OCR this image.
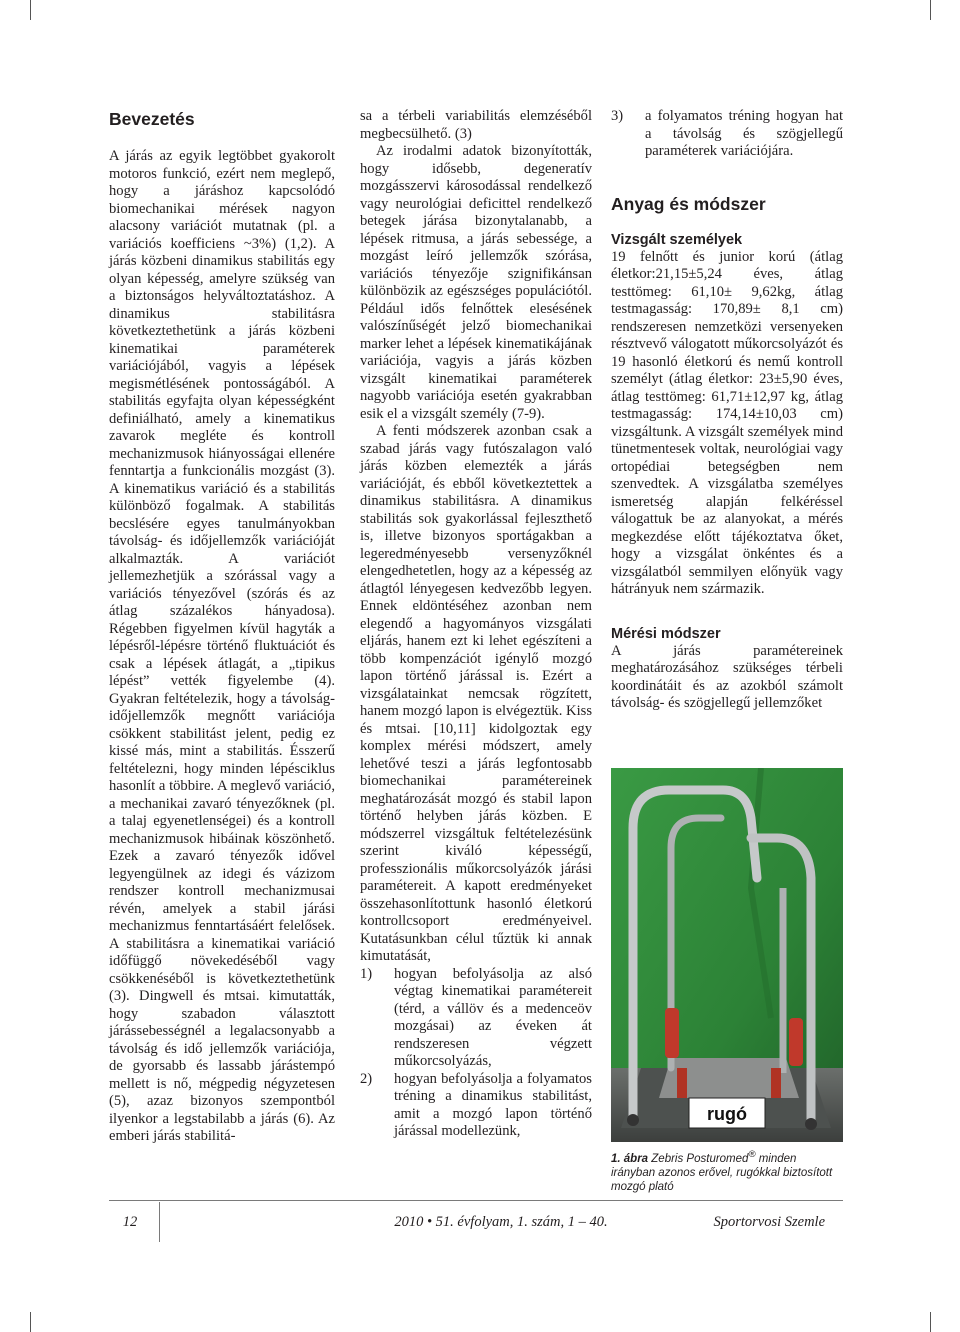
Bevezetés

A járás az egyik legtöbbet gyakorolt motoros funkció, ezért nem meglepő, hogy a járáshoz kapcsolódó biomechanikai mérések nagyon alacsony variációt mutatnak (pl. a variációs koefficiens ~3%) (1,2). A járás közbeni dinamikus stabilitás egy olyan képesség, amelyre szükség van a biztonságos helyváltoztatáshoz. A dinamikus stabilitásra következtethetünk a járás közbeni kinematikai paraméterek variációjából, vagyis a lépések megismétlésének pontosságából. A stabilitás egyfajta olyan képességként definiálható, amely a kinematikus zavarok megléte és kontroll mechanizmusok hiányosságai ellenére fenntartja a funkcionális mozgást (3). A kinematikus variáció és a stabilitás különböző fogalmak. A stabilitás becslésére egyes tanulmányokban távolság- és időjellemzők variációját alkalmazták. A variációt jellemezhetjük a szórással vagy a variációs tényezővel (szórás és az átlag százalékos hányadosa). Régebben figyelmen kívül hagyták a lépésről-lépésre történő fluktuációt és csak a lépések átlagát, a „tipikus lépést” vették figyelembe (4). Gyakran feltételezik, hogy a távolság- időjellemzők megnőtt variációja csökkent stabilitást jelent, pedig ez kissé más, mint a stabilitás. Ésszerű feltételezni, hogy minden lépésciklus hasonlít a többire. A meglevő variáció, a mechanikai zavaró tényezőknek (pl. a talaj egyenetlenségei) és a kontroll mechanizmusok hibáinak köszönhető. Ezek a zavaró tényezők idővel legyengülnek az idegi és vázizom rendszer kontroll mechanizmusai révén, amelyek a stabil járási mechanizmus fenntartásáért felelősek. A stabilitásra a kinematikai variáció időfüggő növekedéséből vagy csökkenéséből is következtethetünk (3). Dingwell és mtsai. kimutatták, hogy szabadon választott járássebességnél a legalacsonyabb a távolság és idő jellemzők variációja, de gyorsabb és lassabb járástempó mellett is nő, mégpedig négyzetesen (5), azaz bizonyos szempontból ilyenkor a legstabilabb a járás (6). Az emberi járás stabilitá-

sa a térbeli variabilitás elemzéséből megbecsülhető. (3)

Az irodalmi adatok bizonyították, hogy idősebb, degeneratív mozgásszervi károsodással rendelkező vagy neurológiai deficittel rendelkező betegek járása bizonytalanabb, a lépések ritmusa, a járás sebessége, a mozgást leíró jellemzők szórása, variációs tényezője szignifikánsan különbözik az egészséges populációtól. Például idős felnőttek elesésének valószínűségét jelző biomechanikai marker lehet a lépések kinematikájának variációja, vagyis a járás közben vizsgált kinematikai paraméterek nagyobb variációja esetén gyakrabban esik el a vizsgált személy (7-9).

A fenti módszerek azonban csak a szabad járás vagy futószalagon való járás közben elemezték a járás variációját, és ebből következtettek a dinamikus stabilitásra. A dinamikus stabilitás sok gyakorlással fejleszthető is, illetve bizonyos sportágakban a legeredményesebb versenyzőknél elengedhetetlen, hogy az a képesség az átlagtól lényegesen kedvezőbb legyen. Ennek eldöntéséhez azonban nem elegendő a hagyományos vizsgálati eljárás, hanem ezt ki lehet egészíteni a több kompenzációt igénylő mozgó lapon történő járással is. Ezért a vizsgálatainkat nemcsak rögzített, hanem mozgó lapon is elvégeztük. Kiss és mtsai. [10,11] kidolgoztak egy komplex mérési módszert, amely lehetővé teszi a járás legfontosabb biomechanikai paramétereinek meghatározását mozgó és stabil lapon történő helyben járás közben. E módszerrel vizsgáltuk feltételezésünk szerint kiváló képességű, professzionális műkorcsolyázók járási paramétereit. A kapott eredményeket összehasonlítottunk hasonló életkorú kontrollcsoport eredményeivel. Kutatásunkban célul tűztük ki annak kimutatását,

1)	hogyan befolyásolja az alsó végtag kinematikai paramétereit (térd, a vállöv és a medenceöv mozgásai) az éveken át rendszeresen végzett műkorcsolyázás,
2)	hogyan befolyásolja a folyamatos tréning a dinamikus stabilitást, amit a mozgó lapon történő járással modellezünk,
3)	a folyamatos tréning hogyan hat a távolság és szögjellegű paraméterek variációjára.
Anyag és módszer
Vizsgált személyek

19 felnőtt és junior korú (átlag életkor:21,15±5,24 éves, átlag testtömeg: 61,10± 9,62kg, átlag testmagasság: 170,89± 8,1 cm) rendszeresen nemzetközi versenyeken résztvevő válogatott műkorcsolyázót és 19 hasonló életkorú és nemű kontroll személyt (átlag életkor: 23±5,90 éves, átlag testtömeg: 61,71±12,97 kg, átlag testmagasság: 174,14±10,03 cm) vizsgáltunk. A vizsgált személyek mind tünetmentesek voltak, neurológiai vagy ortopédiai betegségben nem szenvedtek. A vizsgálatba személyes ismeretség alapján felkéréssel válogattuk be az alanyokat, a mérés megkezdése előtt tájékoztatva őket, hogy a vizsgálat önkéntes és a vizsgálatból semmilyen előnyük vagy hátrányuk nem származik.

Mérési módszer

A járás paramétereinek meghatározásához szükséges térbeli koordinátáit és az azokból számolt távolság- és szögjellegű jellemzőket

rugó
1. ábra Zebris Posturomed® minden irányban azonos erővel, rugókkal biztosított mozgó plató
12	2010 • 51. évfolyam, 1. szám, 1 – 40.	Sportorvosi Szemle
